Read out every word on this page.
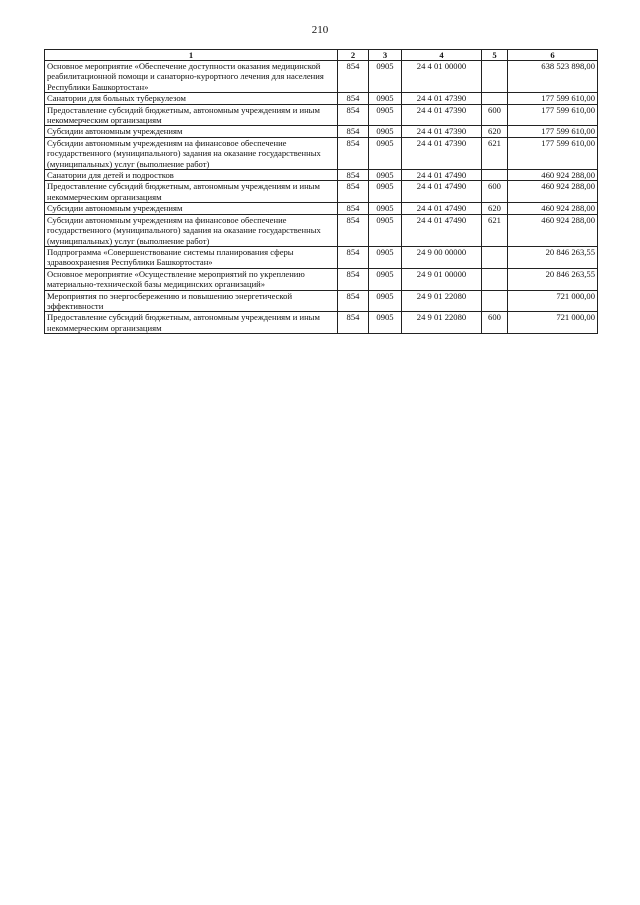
210
1	2	3	4	5	6
Основное мероприятие «Обеспечение доступности оказания медицинской реабилитационной помощи и санаторно-курортного лечения для населения Республики Башкортостан»	854	0905	24 4 01 00000		638 523 898,00
Санатории для больных туберкулезом	854	0905	24 4 01 47390		177 599 610,00
Предоставление субсидий бюджетным, автономным учреждениям и иным некоммерческим организациям	854	0905	24 4 01 47390	600	177 599 610,00
Субсидии автономным учреждениям	854	0905	24 4 01 47390	620	177 599 610,00
Субсидии автономным учреждениям на финансовое обеспечение государственного (муниципального) задания на оказание государственных (муниципальных) услуг (выполнение работ)	854	0905	24 4 01 47390	621	177 599 610,00
Санатории для детей и подростков	854	0905	24 4 01 47490		460 924 288,00
Предоставление субсидий бюджетным, автономным учреждениям и иным некоммерческим организациям	854	0905	24 4 01 47490	600	460 924 288,00
Субсидии автономным учреждениям	854	0905	24 4 01 47490	620	460 924 288,00
Субсидии автономным учреждениям на финансовое обеспечение государственного (муниципального) задания на оказание государственных (муниципальных) услуг (выполнение работ)	854	0905	24 4 01 47490	621	460 924 288,00
Подпрограмма «Совершенствование системы планирования сферы здравоохранения Республики Башкортостан»	854	0905	24 9 00 00000		20 846 263,55
Основное мероприятие «Осуществление мероприятий по укреплению материально-технической базы медицинских организаций»	854	0905	24 9 01 00000		20 846 263,55
Мероприятия по энергосбережению и повышению энергетической эффективности	854	0905	24 9 01 22080		721 000,00
Предоставление субсидий бюджетным, автономным учреждениям и иным некоммерческим организациям	854	0905	24 9 01 22080	600	721 000,00
